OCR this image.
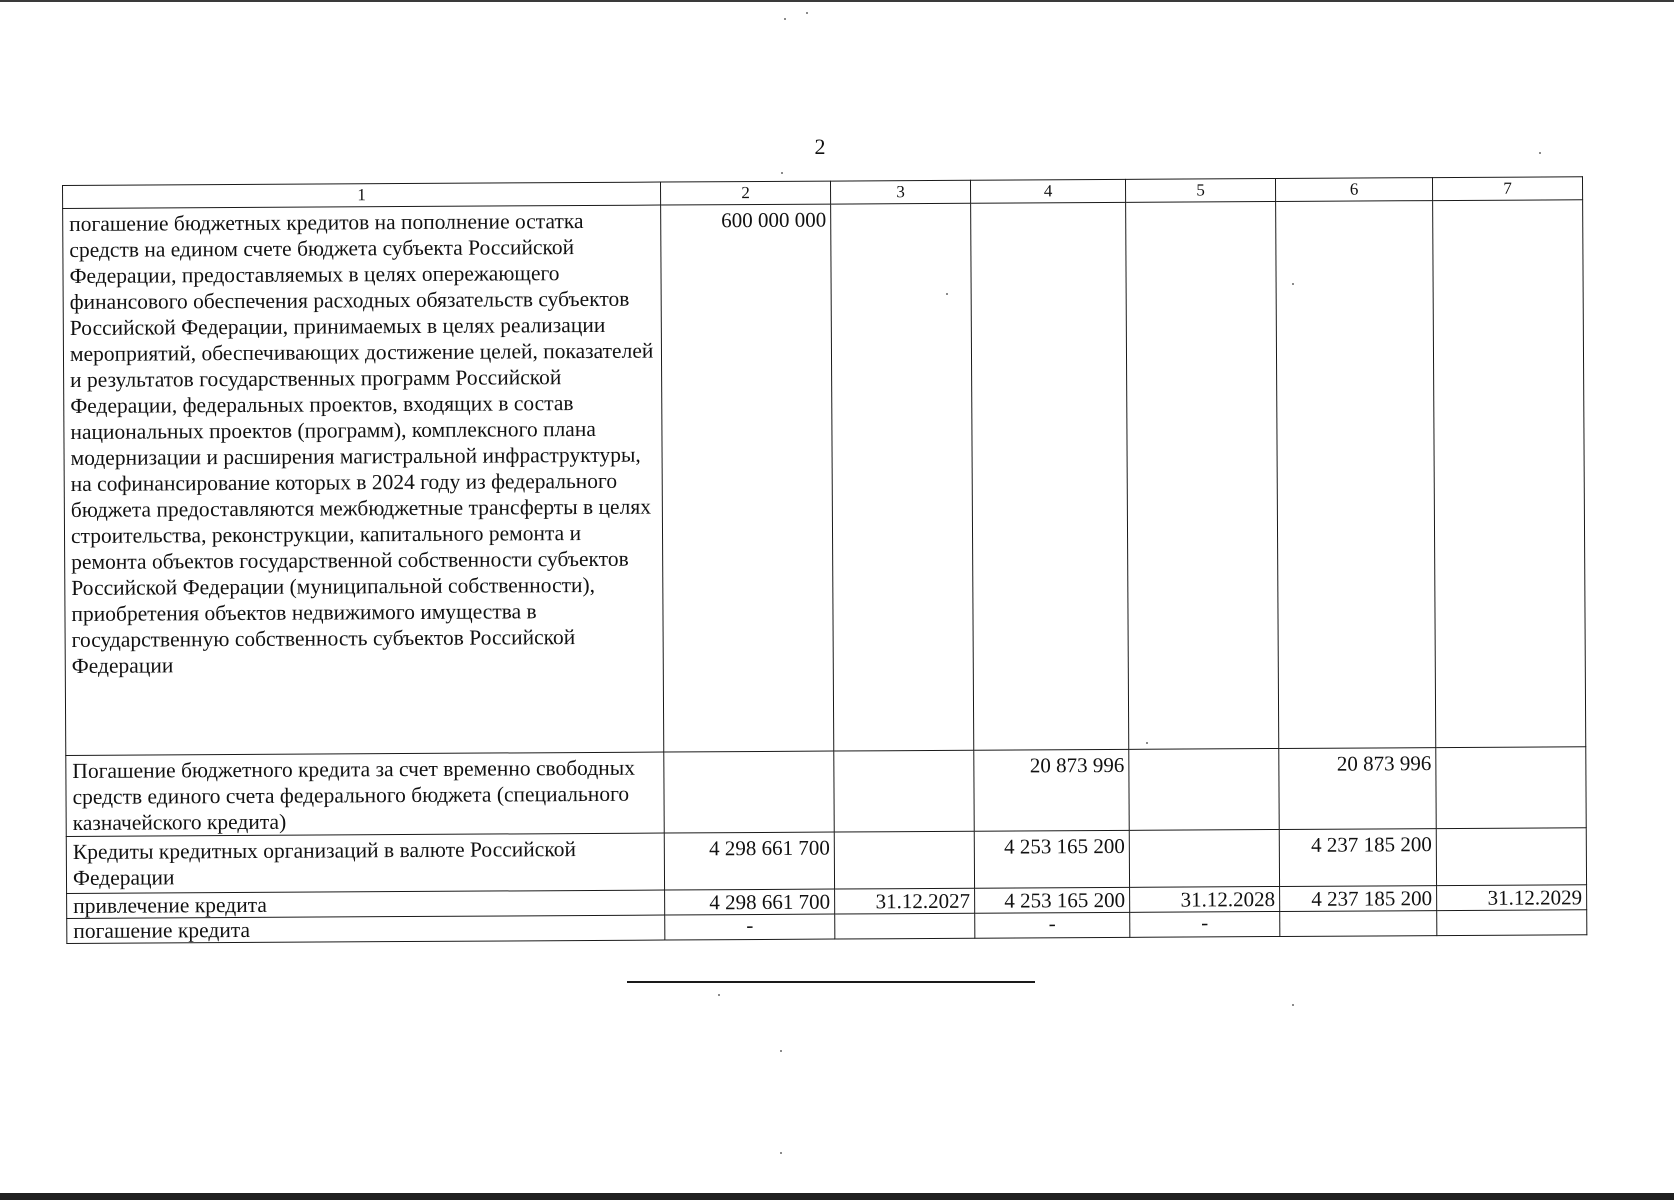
2
1	2	3	4	5	6	7
погашение бюджетных кредитов на пополнение остатка средств на едином счете бюджета субъекта Российской Федерации, предоставляемых в целях опережающего финансового обеспечения расходных обязательств субъектов Российской Федерации, принимаемых в целях реализации мероприятий, обеспечивающих достижение целей, показателей и результатов государственных программ Российской Федерации, федеральных проектов, входящих в состав национальных проектов (программ), комплексного плана модернизации и расширения магистральной инфраструктуры, на софинансирование которых в 2024 году из федерального бюджета предоставляются межбюджетные трансферты в целях строительства, реконструкции, капитального ремонта и ремонта объектов государственной собственности субъектов Российской Федерации (муниципальной собственности), приобретения объектов недвижимого имущества в государственную собственность субъектов Российской Федерации	600 000 000					
Погашение бюджетного кредита за счет временно свободных средств единого счета федерального бюджета (специального казначейского кредита)			20 873 996		20 873 996	
Кредиты кредитных организаций в валюте Российской Федерации	4 298 661 700		4 253 165 200		4 237 185 200	
привлечение кредита	4 298 661 700	31.12.2027	4 253 165 200	31.12.2028	4 237 185 200	31.12.2029
погашение кредита	-		-	-		
